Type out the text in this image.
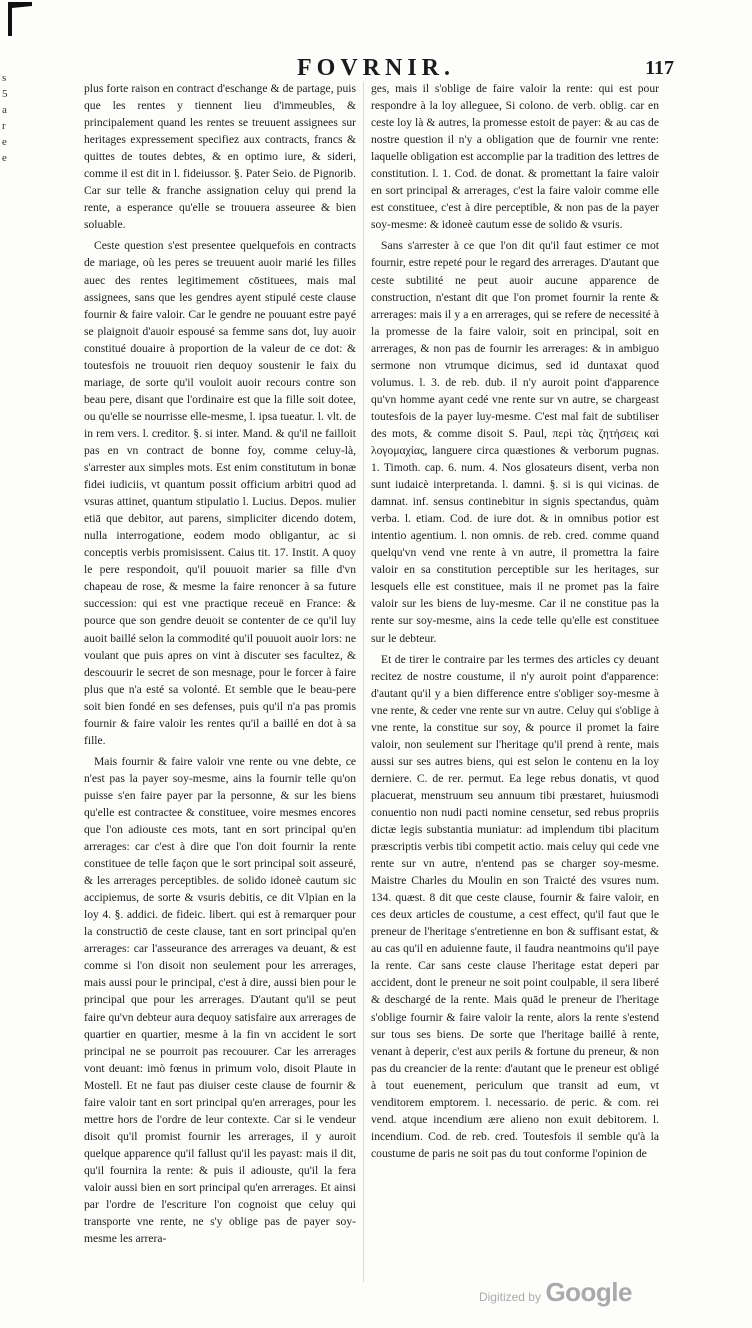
s
5
a
r
e
e
FOVRNIR.	117

plus forte raison en contract d'eschange & de partage, puis que les rentes y tiennent lieu d'immeubles, & principalement quand les rentes se treuuent assignees sur heritages expressement specifiez aux contracts, francs & quittes de toutes debtes, & en optimo iure, & sideri, comme il est dit in l. fideiussor. §. Pater Seio. de Pignorib. Car sur telle & franche assignation celuy qui prend la rente, a esperance qu'elle se trouuera asseuree & bien soluable.

Ceste question s'est presentee quelquefois en contracts de mariage, où les peres se treuuent auoir marié les filles auec des rentes legitimement cōstituees, mais mal assignees, sans que les gendres ayent stipulé ceste clause fournir & faire valoir. Car le gendre ne pouuant estre payé se plaignoit d'auoir espousé sa femme sans dot, luy auoir constitué douaire à proportion de la valeur de ce dot: & toutesfois ne trouuoit rien dequoy soustenir le faix du mariage, de sorte qu'il vouloit auoir recours contre son beau pere, disant que l'ordinaire est que la fille soit dotee, ou qu'elle se nourrisse elle-mesme, l. ipsa tueatur. l. vlt. de in rem vers. l. creditor. §. si inter. Mand. & qu'il ne failloit pas en vn contract de bonne foy, comme celuy-là, s'arrester aux simples mots. Est enim constitutum in bonæ fidei iudiciis, vt quantum possit officium arbitri quod ad vsuras attinet, quantum stipulatio l. Lucius. Depos. mulier etiā que debitor, aut parens, simpliciter dicendo dotem, nulla interrogatione, eodem modo obligantur, ac si conceptis verbis promisissent. Caius tit. 17. Instit. A quoy le pere respondoit, qu'il pouuoit marier sa fille d'vn chapeau de rose, & mesme la faire renoncer à sa future succession: qui est vne practique receuë en France: & pource que son gendre deuoit se contenter de ce qu'il luy auoit baillé selon la commodité qu'il pouuoit auoir lors: ne voulant que puis apres on vint à discuter ses facultez, & descouurir le secret de son mesnage, pour le forcer à faire plus que n'a esté sa volonté. Et semble que le beau-pere soit bien fondé en ses defenses, puis qu'il n'a pas promis fournir & faire valoir les rentes qu'il a baillé en dot à sa fille.

Mais fournir & faire valoir vne rente ou vne debte, ce n'est pas la payer soy-mesme, ains la fournir telle qu'on puisse s'en faire payer par la personne, & sur les biens qu'elle est contractee & constituee, voire mesmes encores que l'on adiouste ces mots, tant en sort principal qu'en arrerages: car c'est à dire que l'on doit fournir la rente constituee de telle façon que le sort principal soit asseuré, & les arrerages perceptibles. de solido idoneè cautum sic accipiemus, de sorte & vsuris debitis, ce dit Vlpian en la loy 4. §. addici. de fideic. libert. qui est à remarquer pour la constructiō de ceste clause, tant en sort principal qu'en arrerages: car l'asseurance des arrerages va deuant, & est comme si l'on disoit non seulement pour les arrerages, mais aussi pour le principal, c'est à dire, aussi bien pour le principal que pour les arrerages. D'autant qu'il se peut faire qu'vn debteur aura dequoy satisfaire aux arrerages de quartier en quartier, mesme à la fin vn accident le sort principal ne se pourroit pas recouurer. Car les arrerages vont deuant: imò fœnus in primum volo, disoit Plaute in Mostell. Et ne faut pas diuiser ceste clause de fournir & faire valoir tant en sort principal qu'en arrerages, pour les mettre hors de l'ordre de leur contexte. Car si le vendeur disoit qu'il promist fournir les arrerages, il y auroit quelque apparence qu'il fallust qu'il les payast: mais il dit, qu'il fournira la rente: & puis il adiouste, qu'il la fera valoir aussi bien en sort principal qu'en arrerages. Et ainsi par l'ordre de l'escriture l'on cognoist que celuy qui transporte vne rente, ne s'y oblige pas de payer soy-mesme les arrera-

ges, mais il s'oblige de faire valoir la rente: qui est pour respondre à la loy alleguee, Si colono. de verb. oblig. car en ceste loy là & autres, la promesse estoit de payer: & au cas de nostre question il n'y a obligation que de fournir vne rente: laquelle obligation est accomplie par la tradition des lettres de constitution. l. 1. Cod. de donat. & promettant la faire valoir en sort principal & arrerages, c'est la faire valoir comme elle est constituee, c'est à dire perceptible, & non pas de la payer soy-mesme: & idoneè cautum esse de solido & vsuris.

Sans s'arrester à ce que l'on dit qu'il faut estimer ce mot fournir, estre repeté pour le regard des arrerages. D'autant que ceste subtilité ne peut auoir aucune apparence de construction, n'estant dit que l'on promet fournir la rente & arrerages: mais il y a en arrerages, qui se refere de necessité à la promesse de la faire valoir, soit en principal, soit en arrerages, & non pas de fournir les arrerages: & in ambiguo sermone non vtrumque dicimus, sed id duntaxat quod volumus. l. 3. de reb. dub. il n'y auroit point d'apparence qu'vn homme ayant cedé vne rente sur vn autre, se chargeast toutesfois de la payer luy-mesme. C'est mal fait de subtiliser des mots, & comme disoit S. Paul, περὶ τὰς ζητήσεις καὶ λογομαχίας, languere circa quæstiones & verborum pugnas. 1. Timoth. cap. 6. num. 4. Nos glosateurs disent, verba non sunt iudaicè interpretanda. l. damni. §. si is qui vicinas. de damnat. inf. sensus continebitur in signis spectandus, quàm verba. l. etiam. Cod. de iure dot. & in omnibus potior est intentio agentium. l. non omnis. de reb. cred. comme quand quelqu'vn vend vne rente à vn autre, il promettra la faire valoir en sa constitution perceptible sur les heritages, sur lesquels elle est constituee, mais il ne promet pas la faire valoir sur les biens de luy-mesme. Car il ne constitue pas la rente sur soy-mesme, ains la cede telle qu'elle est constituee sur le debteur.

Et de tirer le contraire par les termes des articles cy deuant recitez de nostre coustume, il n'y auroit point d'apparence: d'autant qu'il y a bien difference entre s'obliger soy-mesme à vne rente, & ceder vne rente sur vn autre. Celuy qui s'oblige à vne rente, la constitue sur soy, & pource il promet la faire valoir, non seulement sur l'heritage qu'il prend à rente, mais aussi sur ses autres biens, qui est selon le contenu en la loy derniere. C. de rer. permut. Ea lege rebus donatis, vt quod placuerat, menstruum seu annuum tibi præstaret, huiusmodi conuentio non nudi pacti nomine censetur, sed rebus propriis dictæ legis substantia muniatur: ad implendum tibi placitum præscriptis verbis tibi competit actio. mais celuy qui cede vne rente sur vn autre, n'entend pas se charger soy-mesme. Maistre Charles du Moulin en son Traicté des vsures num. 134. quæst. 8 dit que ceste clause, fournir & faire valoir, en ces deux articles de coustume, a cest effect, qu'il faut que le preneur de l'heritage s'entretienne en bon & suffisant estat, & au cas qu'il en aduienne faute, il faudra neantmoins qu'il paye la rente. Car sans ceste clause l'heritage estat deperi par accident, dont le preneur ne soit point coulpable, il sera liberé & deschargé de la rente. Mais quād le preneur de l'heritage s'oblige fournir & faire valoir la rente, alors la rente s'estend sur tous ses biens. De sorte que l'heritage baillé à rente, venant à deperir, c'est aux perils & fortune du preneur, & non pas du creancier de la rente: d'autant que le preneur est obligé à tout euenement, periculum que transit ad eum, vt venditorem emptorem. l. necessario. de peric. & com. rei vend. atque incendium ære alieno non exuit debitorem. l. incendium. Cod. de reb. cred. Toutesfois il semble qu'à la coustume de paris ne soit pas du tout conforme l'opinion de

Digitized by Google
